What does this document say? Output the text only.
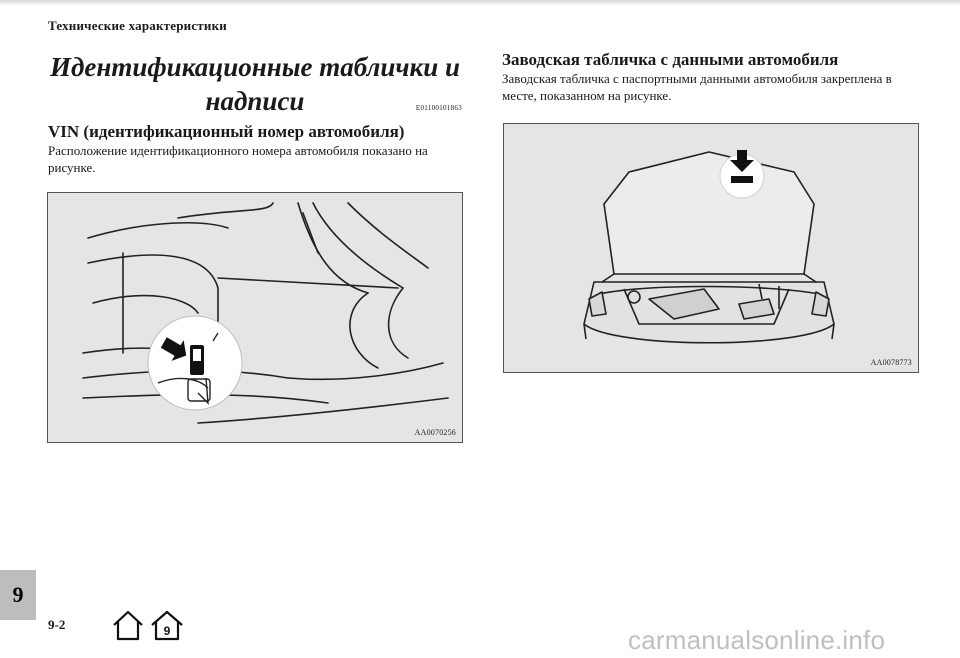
Технические характеристики
Идентификационные таблички и надписи	E01100101863
VIN (идентификационный номер автомобиля)
Расположение идентификационного номера автомобиля показано на рисунке.
AA0070256
Заводская табличка с данными автомобиля
Заводская табличка с паспортными данными автомобиля закреплена в месте, показанном на рисунке.
AA0078773
9
9-2	9	carmanualsonline.info
